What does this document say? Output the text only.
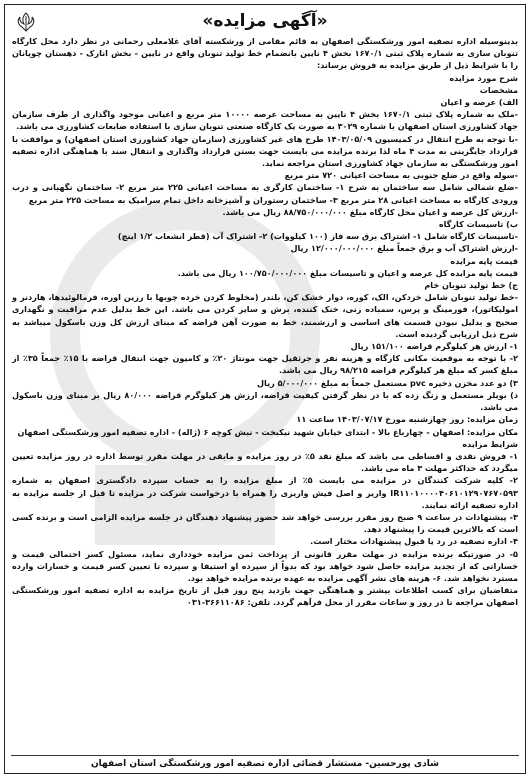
«آگهی مزایده»

بدینوسیله اداره تصفیه امور ورشکستگی اصفهان به قائم مقامی از ورشکسته آقای غلامعلی رحمانی در نظر دارد محل کارگاه تنوبان سازی به شماره پلاک ثبتی ۱۶۷۰/۱ بخش ۴ نایین بانضمام خط تولید تنوبان واقع در نایین - بخش انارک - دهستان چوپانان را با شرایط ذیل از طریق مزایده به فروش برساند:

شرح مورد مزایده

مشخصات

الف) عرصه و اعیان

-ملک به شماره پلاک ثبتی ۱۶۷۰/۱ بخش ۴ نایین به مساحت عرصه ۱۰۰۰۰ متر مربع و اعیانی موجود واگذاری از طرف سازمان جهاد کشاورزی استان اصفهان با شماره ۳۰۲۹ به صورت یک کارگاه صنعتی تنوبان سازی با استفاده ضایعات کشاورزی می باشد.

-با توجه به طرح انتقال در کمیسیون ۱۴۰۳/۰۵/۰۹ طرح های غیر کشاورزی (سازمان جهاد کشاورزی استان اصفهان) و موافقت با قرارداد جایگزینی به مدت ۴ ماه لذا برنده مزایده می بایست جهت بستن قرارداد واگذاری و انتقال سند با هماهنگی اداره تصفیه امور ورشکستگی به سازمان جهاد کشاورزی استان مراجعه نماید.

-سوله واقع در ضلع جنوبی به مساحت اعیانی ۷۲۰ متر مربع

-ضلع شمالی شامل سه ساختمان به شرح ۱- ساختمان کارگری به مساحت اعیانی ۲۲۵ متر مربع ۲- ساختمان نگهبانی و درب ورودی کارگاه به مساحت اعیانی ۲۸ متر مربع ۳- ساختمان رستوران و آشپزخانه داخل تمام سرامیک به مساحت ۲۲۵ متر مربع

-ارزش کل عرصه و اعیان محل کارگاه مبلغ ۸۸/۷۵۰/۰۰۰/۰۰۰ ریال می باشد.

ب) تاسیسات کارگاه

-تاسیسات کارگاه شامل ۱- اشتراک برق سه فاز (۱۰۰ کیلووات) ۲- اشتراک آب (قطر انشعاب ۱/۲ اینچ)

-ارزش اشتراک آب و برق جمعاً مبلغ ۱۲/۰۰۰/۰۰۰/۰۰۰ ریال

قیمت پایه مزایده

قیمت پایه مزایده کل عرصه و اعیان و تاسیسات مبلغ ۱۰۰/۷۵۰/۰۰۰/۰۰۰ ریال می باشد.

ج) خط تولید تنوبان خام

-خط تولید تنوبان شامل خردکن، الک، کوره، دوار خشک کن، بلندر (مخلوط کردن خرده چوبها با رزین اوره، فرمالوئیدها، هاردنر و امولیکاتور)، فورمینگ و پرس، سمباده زنی، خنک کننده، برش و سایز کردن می باشد. این خط بدلیل عدم مراقبت و نگهداری صحیح و بدلیل نبودن قسمت های اساسی و ارزشمند، خط به صورت آهن قراضه که مبنای ارزش کل وزن باسکول میباشد به شرح ذیل ارزیابی گردیده است.

۱- ارزش هر کیلوگرم قراضه ۱۵۱/۱۰۰ ریال

۲- با توجه به موقعیت مکانی کارگاه و هزینه نفر و جرثقیل جهت مونتاژ ۲۰٪ و کامیون جهت انتقال قراضه با ۱۵٪ جمعاً ۳۵٪ از مبلغ کسر که مبلغ هر کیلوگرم قراضه ۹۸/۲۱۵ ریال می باشد.

۳) دو عدد مخزن ذخیره pvc مستعمل جمعاً به مبلغ ۵/۰۰۰/۰۰۰ ریال

د) بویلر مستعمل و زنگ زده که با در نظر گرفتن کیفیت قراضه، ارزش هر کیلوگرم قراضه ۸۰/۰۰۰ ریال بر مبنای وزن باسکول می باشد.

زمان مزایده: روز چهارشنبه مورخ ۱۴۰۳/۰۷/۱۷ ساعت ۱۱

مکان مزایده: اصفهان - چهارباغ بالا - ابتدای خیابان شهید نیکبخت - نبش کوچه ۶ (ژاله) - اداره تصفیه امور ورشکستگی اصفهان

شرایط مزایده

۱- فروش نقدی و اقساطی می باشد که مبلغ نقد ۵٪ در روز مزایده و مابقی در مهلت مقرر توسط اداره در روز مزایده تعیین میگردد که حداکثر مهلت ۳ ماه می باشد.

۲- کلیه شرکت کنندگان در مزایده می بایست ۵٪ از مبلغ مزایده را به حساب سپرده دادگستری اصفهان به شماره IR۱۱۰۱۰۰۰۰۴۰۶۱۰۱۲۹۰۷۶۷۰۵۹۳ واریز و اصل فیش واریزی را همراه با درخواست شرکت در مزایده تا قبل از جلسه مزایده به اداره تصفیه ارائه نمایند.

۳- پیشنهادات در ساعت ۹ صبح روز مقرر بررسی خواهد شد حضور پیشنهاد دهندگان در جلسه مزایده الزامی است و برنده کسی است که بالاترین قیمت را پیشنهاد دهد.

۴- اداره تصفیه در رد یا قبول پیشنهادات مختار است.

۵- در صورتیکه برنده مزایده در مهلت مقرر قانونی از پرداخت ثمن مزایده خودداری نماید، مسئول کسر احتمالی قیمت و خساراتی که از تجدید مزایده حاصل شود خواهد بود که بدواً از سپرده او استیفا و سپرده تا تعیین کسر قیمت و خسارات وارده مسترد نخواهد شد. ۶- هزینه های نشر آگهی مزایده به عهده برنده مزایده خواهد بود.

متقاضیان برای کسب اطلاعات بیشتر و هماهنگی جهت بازدید پنج روز قبل از تاریخ مزایده به اداره تصفیه امور ورشکستگی اصفهان مراجعه تا در روز و ساعات مقرر از محل فرآهم گردد. تلفن: ۳۶۶۱۱۰۸۶-۰۳۱

شادی پورحسین- مستشار قضائی اداره تصفیه امور ورشکستگی استان اصفهان
